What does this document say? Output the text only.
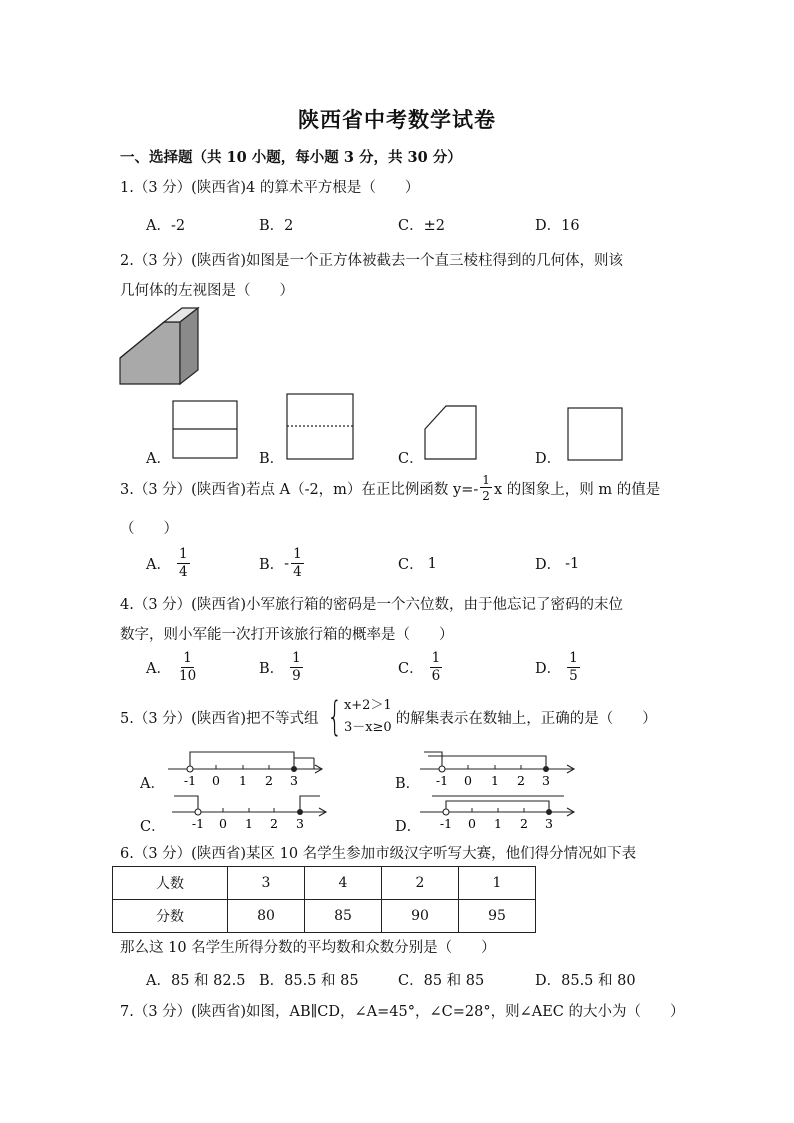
陕西省中考数学试卷
一、选择题（共 10 小题，每小题 3 分，共 30 分）
1.（3 分）(陕西省)4 的算术平方根是（　　）
A．-2	B．2	C．±2	D．16
2.（3 分）(陕西省)如图是一个正方体被截去一个直三棱柱得到的几何体，则该
几何体的左视图是（　　）
A．	B．	C．	D．
3.（3 分）(陕西省)若点 A（-2，m）在正比例函数 $y=- \frac{1}{2}$ x 的图象上，则 m 的值是
（　　）
A． $\frac{1}{4}$	B． - $\frac{1}{4}$	C． 1	D． -1
4.（3 分）(陕西省)小军旅行箱的密码是一个六位数，由于他忘记了密码的末位
数字，则小军能一次打开该旅行箱的概率是（　　）
A． $\frac{1}{10}$	B． $\frac{1}{9}$	C． $\frac{1}{6}$	D． $\frac{1}{5}$
5.（3 分）(陕西省)把不等式组 { x+2＞1
3－x≥0
的解集表示在数轴上，正确的是（　　）
A． -1 0 1 2 3	B． -1 0 1 2 3
C． -1 0 1 2 3	D． -1 0 1 2 3
6.（3 分）(陕西省)某区 10 名学生参加市级汉字听写大赛，他们得分情况如下表
人数	3	4	2	1
分数	80	85	90	95
那么这 10 名学生所得分数的平均数和众数分别是（　　）
A．85 和 82.5 B．85.5 和 85	C．85 和 85	D．85.5 和 80
7.（3 分）(陕西省)如图，AB∥CD，∠A=45°，∠C=28°，则∠AEC 的大小为（　　）
